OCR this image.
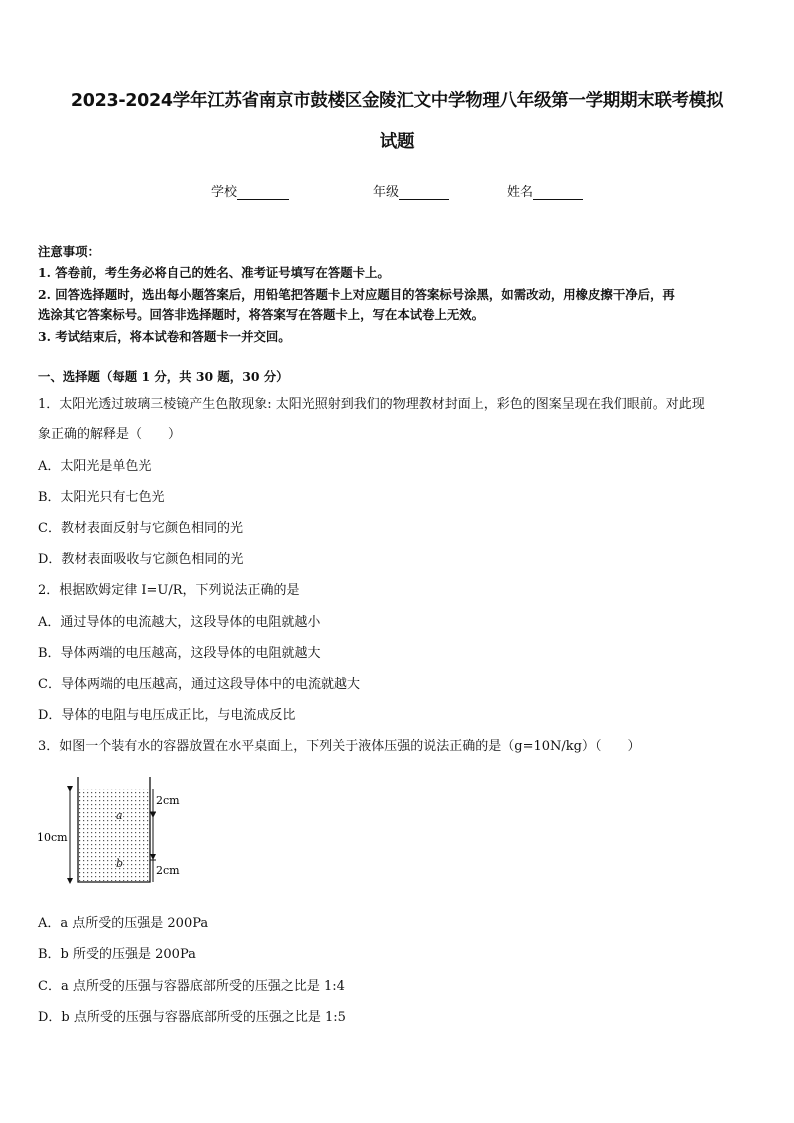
2023-2024学年江苏省南京市鼓楼区金陵汇文中学物理八年级第一学期期末联考模拟
试题
学校	年级	姓名
注意事项：
1. 答卷前，考生务必将自己的姓名、准考证号填写在答题卡上。
2. 回答选择题时，选出每小题答案后，用铅笔把答题卡上对应题目的答案标号涂黑，如需改动，用橡皮擦干净后，再
选涂其它答案标号。回答非选择题时，将答案写在答题卡上，写在本试卷上无效。
3. 考试结束后，将本试卷和答题卡一并交回。
一、选择题（每题 1 分，共 30 题，30 分）
1．太阳光透过玻璃三棱镜产生色散现象: 太阳光照射到我们的物理教材封面上，彩色的图案呈现在我们眼前。对此现
象正确的解释是（　　）
A．太阳光是单色光
B．太阳光只有七色光
C．教材表面反射与它颜色相同的光
D．教材表面吸收与它颜色相同的光
2．根据欧姆定律 I=U/R，下列说法正确的是
A．通过导体的电流越大，这段导体的电阻就越小
B．导体两端的电压越高，这段导体的电阻就越大
C．导体两端的电压越高，通过这段导体中的电流就越大
D．导体的电阻与电压成正比，与电流成反比
3．如图一个装有水的容器放置在水平桌面上，下列关于液体压强的说法正确的是（g=10N/kg）（　　）
10cm
2cm
2cm
a
b
A．a 点所受的压强是 200Pa
B．b 所受的压强是 200Pa
C．a 点所受的压强与容器底部所受的压强之比是 1:4
D．b 点所受的压强与容器底部所受的压强之比是 1:5
